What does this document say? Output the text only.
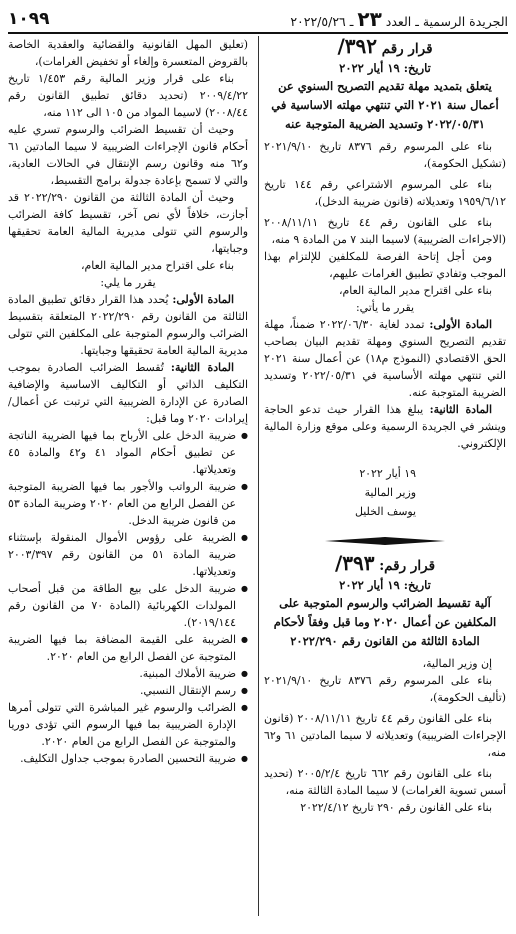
الجريدة الرسمية ـ العدد ٢٣ ـ ٢٠٢٢/٥/٢٦
١٠٩٩
قرار رقم ٣٩٢/
تاريخ: ١٩ أيار ٢٠٢٢
يتعلق بتمديد مهلة تقديم التصريح السنوي عن أعمال سنة ٢٠٢١ التي تنتهي مهلته الاساسية في ٢٠٢٢/٠٥/٣١ وتسديد الضريبة المتوجبة عنه

بناء على المرسوم رقم ٨٣٧٦ تاريخ ٢٠٢١/٩/١٠ (تشكيل الحكومة)،

بناء على المرسوم الاشتراعي رقم ١٤٤ تاريخ ١٩٥٩/٦/١٢ وتعديلاته (قانون ضريبة الدخل)،

بناء على القانون رقم ٤٤ تاريخ ٢٠٠٨/١١/١١ (الاجراءات الضريبية) لاسيما البند ٧ من المادة ٩ منه،

ومن أجل إتاحة الفرصة للمكلفين للإلتزام بهذا الموجب وتفادي تطبيق الغرامات عليهم،

بناء على اقتراح مدير المالية العام،

يقرر ما يأتي:

المادة الأولى: تمدد لغاية ٢٠٢٢/٠٦/٣٠ ضمناً، مهلة تقديم التصريح السنوي ومهلة تقديم البيان بصاحب الحق الاقتصادي (النموذج م١٨) عن أعمال سنة ٢٠٢١ التي تنتهي مهلته الأساسية في ٢٠٢٢/٠٥/٣١ وتسديد الضريبة المتوجبة عنه.

المادة الثانية: يبلغ هذا القرار حيث تدعو الحاجة وينشر في الجريدة الرسمية وعلى موقع وزارة المالية الإلكتروني.

١٩ أيار ٢٠٢٢
وزير المالية
يوسف الخليل
قرار رقم: ٣٩٣/
تاريخ: ١٩ أيار ٢٠٢٢
آلية تقسيط الضرائب والرسوم المتوجبة على المكلفين عن أعمال ٢٠٢٠ وما قبل وفقاً لأحكام المادة الثالثة من القانون رقم ٢٠٢٢/٢٩٠

إن وزير المالية،

بناء على المرسوم رقم ٨٣٧٦ تاريخ ٢٠٢١/٩/١٠ (تأليف الحكومة)،

بناء على القانون رقم ٤٤ تاريخ ٢٠٠٨/١١/١١ (قانون الإجراءات الضريبية) وتعديلاته لا سيما المادتين ٦١ و٦٢ منه،

بناء على القانون رقم ٦٦٢ تاريخ ٢٠٠٥/٢/٤ (تحديد أسس تسوية الغرامات) لا سيما المادة الثالثة منه،

بناء على القانون رقم ٢٩٠ تاريخ ٢٠٢٢/٤/١٢

(تعليق المهل القانونية والقضائية والعقدية الخاصة بالقروض المتعسرة وإلغاء أو تخفيض الغرامات)،

بناء على قرار وزير المالية رقم ١/٤٥٣ تاريخ ٢٠٠٩/٤/٢٢ (تحديد دقائق تطبيق القانون رقم ٢٠٠٨/٤٤) لاسيما المواد من ١٠٥ الى ١١٢ منه،

وحيث أن تقسيط الضرائب والرسوم تسري عليه أحكام قانون الإجراءات الضريبية لا سيما المادتين ٦١ و٦٢ منه وقانون رسم الإنتقال في الحالات العادية، والتي لا تسمح بإعادة جدولة برامج التقسيط،

وحيث أن المادة الثالثة من القانون ٢٠٢٢/٢٩٠ قد أجازت، خلافاً لأي نص آخر، تقسيط كافة الضرائب والرسوم التي تتولى مديرية المالية العامة تحقيقها وجبايتها،

بناء على اقتراح مدير المالية العام،

يقرر ما يلي:

المادة الأولى: يُحدد هذا القرار دقائق تطبيق المادة الثالثة من القانون رقم ٢٠٢٢/٢٩٠ المتعلقة بتقسيط الضرائب والرسوم المتوجبة على المكلفين التي تتولى مديرية المالية العامة تحقيقها وجبايتها.

المادة الثانية: تُقسط الضرائب الصادرة بموجب التكليف الذاتي أو التكاليف الاساسية والإضافية الصادرة عن الإدارة الضريبية التي ترتبت عن أعمال/ إيرادات ٢٠٢٠ وما قبل:

● ضريبة الدخل على الأرباح بما فيها الضريبة الناتجة عن تطبيق أحكام المواد ٤١ و٤٢ والمادة ٤٥ وتعديلاتها.

● ضريبة الرواتب والأجور بما فيها الضريبة المتوجبة عن الفصل الرابع من العام ٢٠٢٠ وضريبة المادة ٥٣ من قانون ضريبة الدخل.

● الضريبة على رؤوس الأموال المنقولة بإستثناء ضريبة المادة ٥١ من القانون رقم ٢٠٠٣/٣٩٧ وتعديلاتها.

● ضريبة الدخل على بيع الطاقة من قبل أصحاب المولدات الكهربائية (المادة ٧٠ من القانون رقم ٢٠١٩/١٤٤).

● الضريبة على القيمة المضافة بما فيها الضريبة المتوجبة عن الفصل الرابع من العام ٢٠٢٠.

● ضريبة الأملاك المبنية.

● رسم الإنتقال النسبي.

● الضرائب والرسوم غير المباشرة التي تتولى أمرها الإدارة الضريبية بما فيها الرسوم التي تؤدى دوريا والمتوجبة عن الفصل الرابع من العام ٢٠٢٠.

● ضريبة التحسين الصادرة بموجب جداول التكليف.
